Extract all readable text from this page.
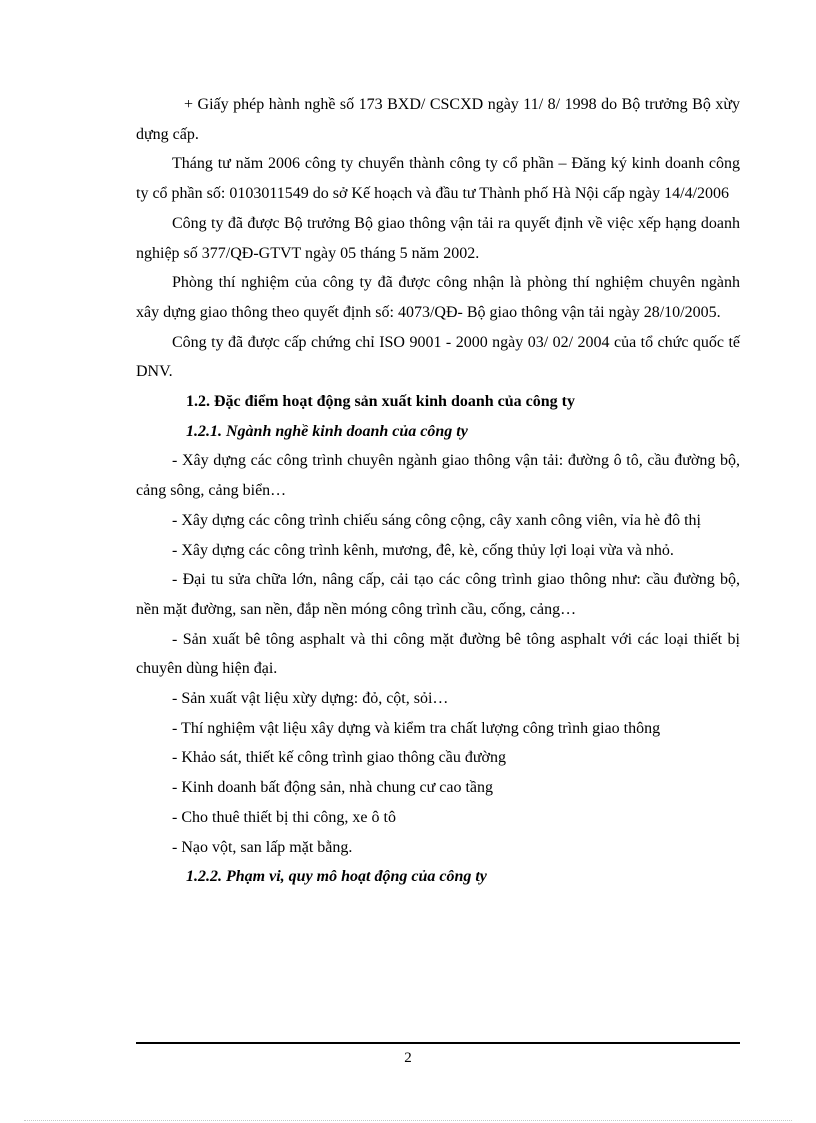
+ Giấy phép hành nghề số 173 BXD/ CSCXD ngày 11/ 8/ 1998 do Bộ trưởng Bộ xừy dựng cấp.

Tháng tư năm 2006 công ty chuyển thành công ty cổ phần – Đăng ký kinh doanh công ty cổ phần số: 0103011549 do sở Kế hoạch và đầu tư Thành phố Hà Nội cấp ngày 14/4/2006

Công ty đã được Bộ trưởng Bộ giao thông vận tải ra quyết định về việc xếp hạng doanh nghiệp số 377/QĐ-GTVT ngày 05 tháng 5 năm 2002.

Phòng thí nghiệm của công ty đã được công nhận là phòng thí nghiệm chuyên ngành xây dựng giao thông theo quyết định số: 4073/QĐ- Bộ giao thông vận tải ngày 28/10/2005.

Công ty đã được cấp chứng chỉ ISO 9001 - 2000 ngày 03/ 02/ 2004 của tổ chức quốc tế DNV.

1.2. Đặc điểm hoạt động sản xuất kinh doanh của công ty

1.2.1. Ngành nghề kinh doanh của công ty

- Xây dựng các công trình chuyên ngành giao thông vận tải: đường ô tô, cầu đường bộ, cảng sông, cảng biển…

- Xây dựng các công trình chiếu sáng công cộng, cây xanh công viên, vỉa hè đô thị

- Xây dựng các công trình kênh, mương, đê, kè, cống thủy lợi loại vừa và nhỏ.

- Đại tu sửa chữa lớn, nâng cấp, cải tạo các công trình giao thông như: cầu đường bộ, nền mặt đường, san nền, đắp nền móng công trình cầu, cống, cảng…

- Sản xuất bê tông asphalt và thi công mặt đường bê tông asphalt với các loại thiết bị chuyên dùng hiện đại.

- Sản xuất vật liệu xừy dựng: đỏ, cột, sỏi…

- Thí nghiệm vật liệu xây dựng và kiểm tra chất lượng công trình giao thông

- Khảo sát, thiết kế công trình giao thông cầu đường

- Kinh doanh bất động sản, nhà chung cư cao tầng

- Cho thuê thiết bị thi công, xe ô tô

- Nạo vột, san lấp mặt bằng.

1.2.2. Phạm vi, quy mô hoạt động của công ty

2
